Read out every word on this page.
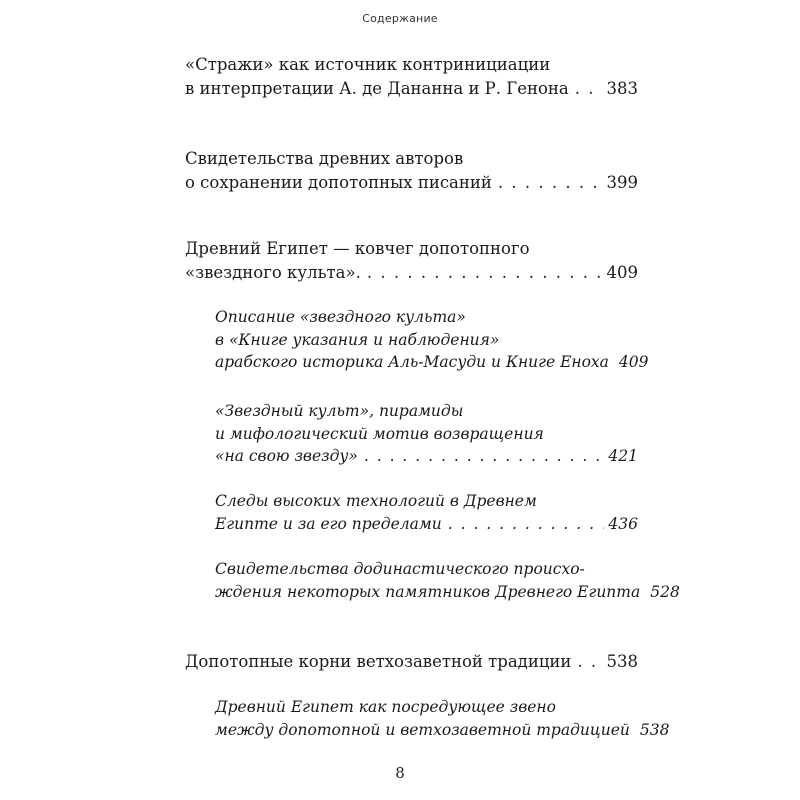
Содержание
«Стражи» как источник контринициации
в интерпретации А. де Дананна и Р. Генона . . . 383
Свидетельства древних авторов
о сохранении допотопных писаний . . .	399
Древний Египет — ковчег допотопного
«звездного культа». . . .	409
Описание «звездного культа»
в «Книге указания и наблюдения»
арабского историка Аль-Масуди и Книге Еноха 409
«Звездный культ», пирамиды
и мифологический мотив возвращения
«на свою звезду» . . .	421
Следы высоких технологий в Древнем
Египте и за его пределами . . .	436
Свидетельства додинастического происхо-
ждения некоторых памятников Древнего Египта 528
Допотопные корни ветхозаветной традиции . . . 538
Древний Египет как посредующее звено
между допотопной и ветхозаветной традицией 538
8
